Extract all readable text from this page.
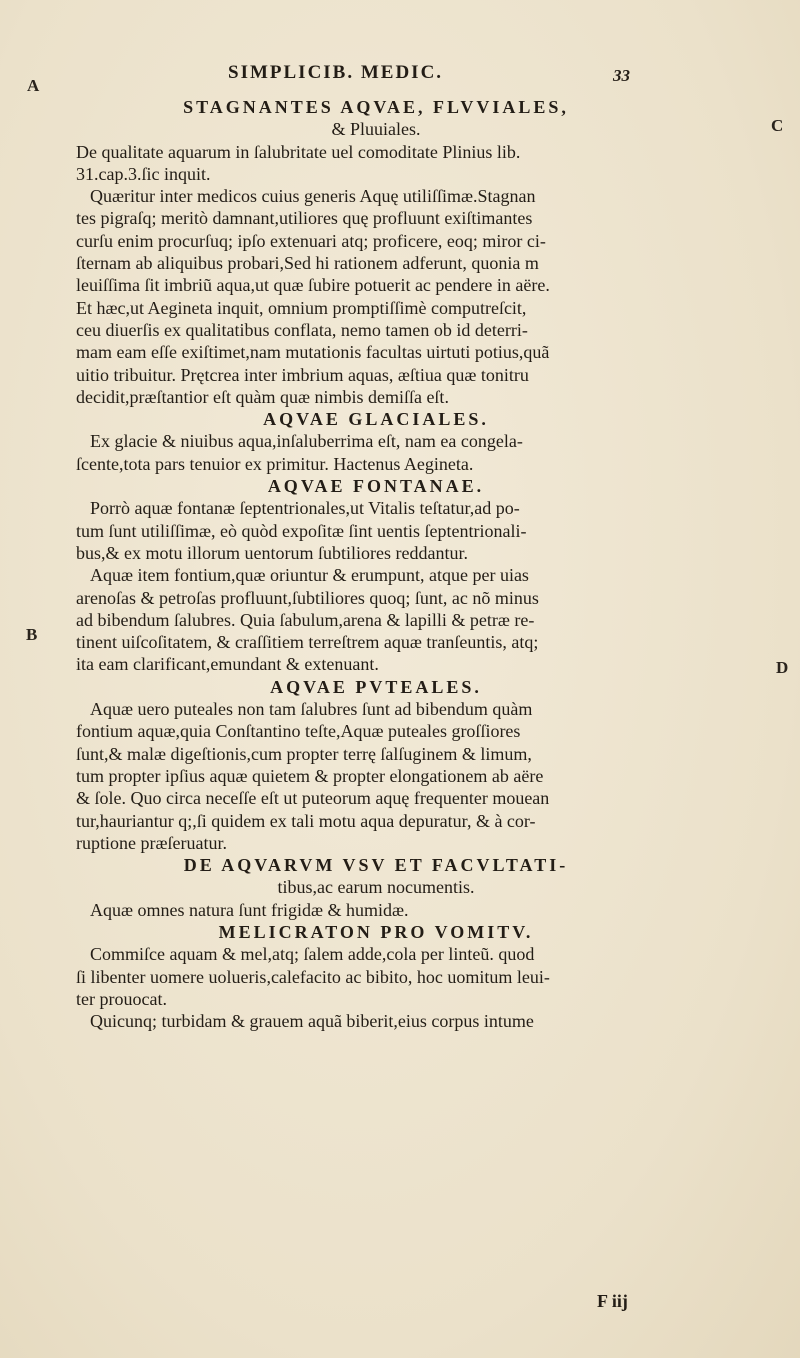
A
C
B
D
SIMPLICIB. MEDIC.	33
STAGNANTES AQVAE, FLVVIALES,
& Pluuiales.
De qualitate aquarum in ſalubritate uel comoditate Plinius lib.
31.cap.3.ſic inquit.
Quæritur inter medicos cuius generis Aquę utiliſſimæ.Stagnan
tes pigraſq; meritò damnant,utiliores quę profluunt exiſtimantes
curſu enim procurſuq; ipſo extenuari atq; proficere, eoq; miror ci-
ſternam ab aliquibus probari,Sed hi rationem adferunt, quonia m
leuiſſima ſit imbriũ aqua,ut quæ ſubire potuerit ac pendere in aëre.
Et hæc,ut Aegineta inquit, omnium promptiſſimè computreſcit,
ceu diuerſis ex qualitatibus conflata, nemo tamen ob id deterri-
mam eam eſſe exiſtimet,nam mutationis facultas uirtuti potius,quã
uitio tribuitur. Prętcrea inter imbrium aquas, æſtiua quæ tonitru
decidit,præſtantior eſt quàm quæ nimbis demiſſa eſt.
AQVAE GLACIALES.
Ex glacie & niuibus aqua,inſaluberrima eſt, nam ea congela-
ſcente,tota pars tenuior ex primitur. Hactenus Aegineta.
AQVAE FONTANAE.
Porrò aquæ fontanæ ſeptentrionales,ut Vitalis teſtatur,ad po-
tum ſunt utiliſſimæ, eò quòd expoſitæ ſint uentis ſeptentrionali-
bus,& ex motu illorum uentorum ſubtiliores reddantur.
Aquæ item fontium,quæ oriuntur & erumpunt, atque per uias
arenoſas & petroſas profluunt,ſubtiliores quoq; ſunt, ac nõ minus
ad bibendum ſalubres. Quia ſabulum,arena & lapilli & petræ re-
tinent uiſcoſitatem, & craſſitiem terreſtrem aquæ tranſeuntis, atq;
ita eam clarificant,emundant & extenuant.
AQVAE PVTEALES.
Aquæ uero puteales non tam ſalubres ſunt ad bibendum quàm
fontium aquæ,quia Conſtantino teſte,Aquæ puteales groſſiores
ſunt,& malæ digeſtionis,cum propter terrę ſalſuginem & limum,
tum propter ipſius aquæ quietem & propter elongationem ab aëre
& ſole. Quo circa neceſſe eſt ut puteorum aquę frequenter mouean
tur,hauriantur q;,ſi quidem ex tali motu aqua depuratur, & à cor-
ruptione præſeruatur.
DE AQVARVM VSV ET FACVLTATI-
tibus,ac earum nocumentis.
Aquæ omnes natura ſunt frigidæ & humidæ.
MELICRATON PRO VOMITV.
Commiſce aquam & mel,atq; ſalem adde,cola per linteũ. quod
ſi libenter uomere uolueris,calefacito ac bibito, hoc uomitum leui-
ter prouocat.
Quicunq; turbidam & grauem aquã biberit,eius corpus intume
F iij
